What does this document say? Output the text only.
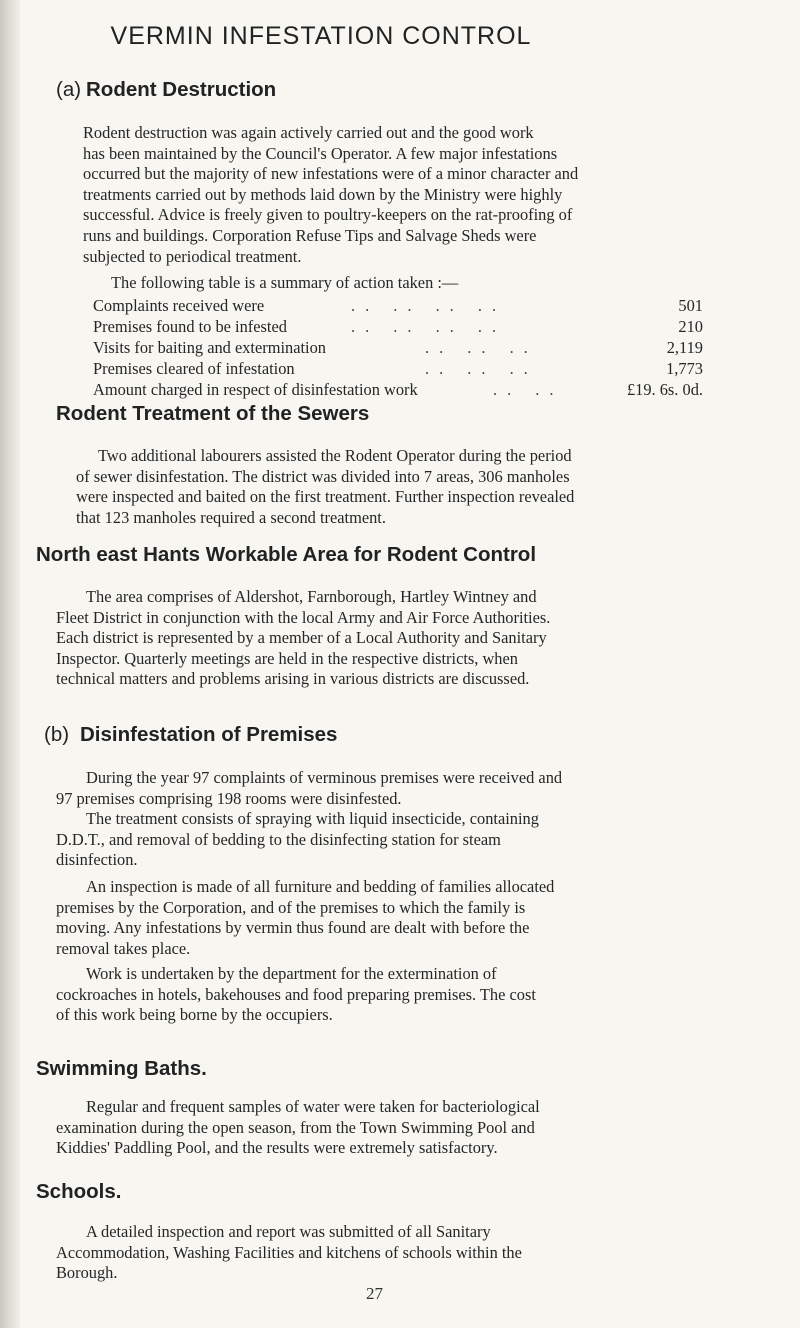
VERMIN INFESTATION CONTROL
(a) Rodent Destruction
Rodent destruction was again actively carried out and the good work
has been maintained by the Council's Operator. A few major infestations
occurred but the majority of new infestations were of a minor character and
treatments carried out by methods laid down by the Ministry were highly
successful. Advice is freely given to poultry-keepers on the rat-proofing of
runs and buildings. Corporation Refuse Tips and Salvage Sheds were
subjected to periodical treatment.
The following table is a summary of action taken :—
Complaints received were	.. .. .. ..	501
Premises found to be infested	.. .. .. ..	210
Visits for baiting and extermination	.. .. ..	2,119
Premises cleared of infestation	.. .. ..	1,773
Amount charged in respect of disinfestation work	.. ..	£19. 6s. 0d.
Rodent Treatment of the Sewers
Two additional labourers assisted the Rodent Operator during the period
of sewer disinfestation. The district was divided into 7 areas, 306 manholes
were inspected and baited on the first treatment. Further inspection revealed
that 123 manholes required a second treatment.
North east Hants Workable Area for Rodent Control
The area comprises of Aldershot, Farnborough, Hartley Wintney and
Fleet District in conjunction with the local Army and Air Force Authorities.
Each district is represented by a member of a Local Authority and Sanitary
Inspector. Quarterly meetings are held in the respective districts, when
technical matters and problems arising in various districts are discussed.
(b) Disinfestation of Premises
During the year 97 complaints of verminous premises were received and
97 premises comprising 198 rooms were disinfested.
The treatment consists of spraying with liquid insecticide, containing
D.D.T., and removal of bedding to the disinfecting station for steam
disinfection.
An inspection is made of all furniture and bedding of families allocated
premises by the Corporation, and of the premises to which the family is
moving. Any infestations by vermin thus found are dealt with before the
removal takes place.
Work is undertaken by the department for the extermination of
cockroaches in hotels, bakehouses and food preparing premises. The cost
of this work being borne by the occupiers.
Swimming Baths.
Regular and frequent samples of water were taken for bacteriological
examination during the open season, from the Town Swimming Pool and
Kiddies' Paddling Pool, and the results were extremely satisfactory.
Schools.
A detailed inspection and report was submitted of all Sanitary
Accommodation, Washing Facilities and kitchens of schools within the
Borough.
27
